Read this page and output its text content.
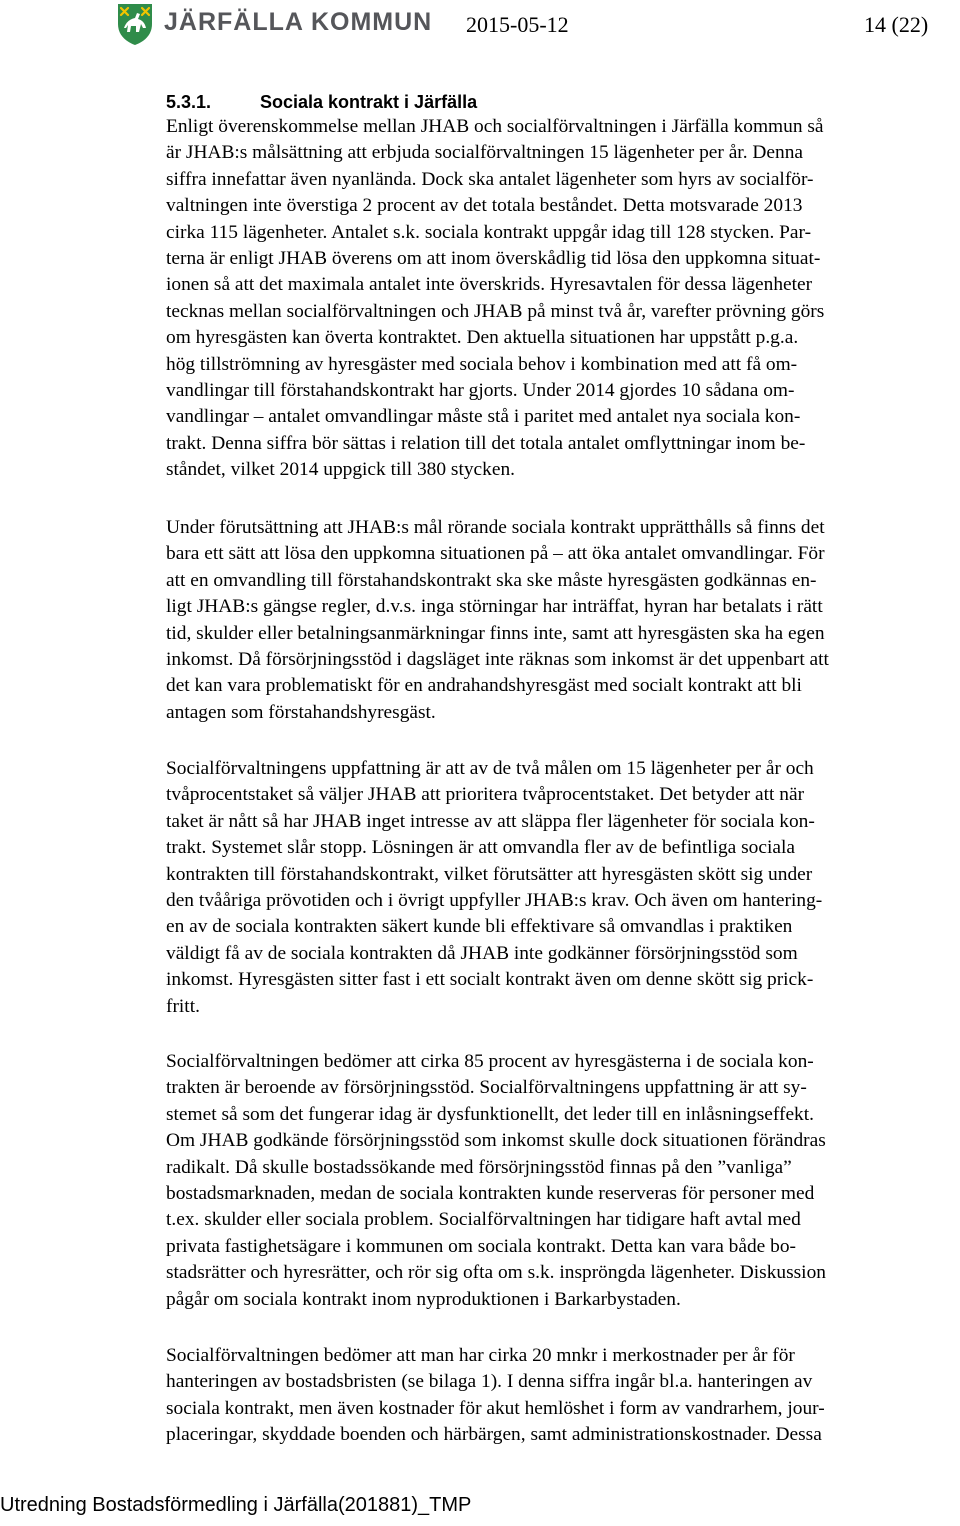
JÄRFÄLLA KOMMUN 2015-05-12	14 (22)
5.3.1.	Sociala kontrakt i Järfälla
Enligt överenskommelse mellan JHAB och socialförvaltningen i Järfälla kommun så
är JHAB:s målsättning att erbjuda socialförvaltningen 15 lägenheter per år. Denna
siffra innefattar även nyanlända. Dock ska antalet lägenheter som hyrs av socialför-
valtningen inte överstiga 2 procent av det totala beståndet. Detta motsvarade 2013
cirka 115 lägenheter. Antalet s.k. sociala kontrakt uppgår idag till 128 stycken. Par-
terna är enligt JHAB överens om att inom överskådlig tid lösa den uppkomna situat-
ionen så att det maximala antalet inte överskrids. Hyresavtalen för dessa lägenheter
tecknas mellan socialförvaltningen och JHAB på minst två år, varefter prövning görs
om hyresgästen kan överta kontraktet. Den aktuella situationen har uppstått p.g.a.
hög tillströmning av hyresgäster med sociala behov i kombination med att få om-
vandlingar till förstahandskontrakt har gjorts. Under 2014 gjordes 10 sådana om-
vandlingar – antalet omvandlingar måste stå i paritet med antalet nya sociala kon-
trakt. Denna siffra bör sättas i relation till det totala antalet omflyttningar inom be-
ståndet, vilket 2014 uppgick till 380 stycken.
Under förutsättning att JHAB:s mål rörande sociala kontrakt upprätthålls så finns det
bara ett sätt att lösa den uppkomna situationen på – att öka antalet omvandlingar. För
att en omvandling till förstahandskontrakt ska ske måste hyresgästen godkännas en-
ligt JHAB:s gängse regler, d.v.s. inga störningar har inträffat, hyran har betalats i rätt
tid, skulder eller betalningsanmärkningar finns inte, samt att hyresgästen ska ha egen
inkomst. Då försörjningsstöd i dagsläget inte räknas som inkomst är det uppenbart att
det kan vara problematiskt för en andrahandshyresgäst med socialt kontrakt att bli
antagen som förstahandshyresgäst.
Socialförvaltningens uppfattning är att av de två målen om 15 lägenheter per år och
tvåprocentstaket så väljer JHAB att prioritera tvåprocentstaket. Det betyder att när
taket är nått så har JHAB inget intresse av att släppa fler lägenheter för sociala kon-
trakt. Systemet slår stopp. Lösningen är att omvandla fler av de befintliga sociala
kontrakten till förstahandskontrakt, vilket förutsätter att hyresgästen skött sig under
den tvååriga prövotiden och i övrigt uppfyller JHAB:s krav. Och även om hantering-
en av de sociala kontrakten säkert kunde bli effektivare så omvandlas i praktiken
väldigt få av de sociala kontrakten då JHAB inte godkänner försörjningsstöd som
inkomst. Hyresgästen sitter fast i ett socialt kontrakt även om denne skött sig prick-
fritt.
Socialförvaltningen bedömer att cirka 85 procent av hyresgästerna i de sociala kon-
trakten är beroende av försörjningsstöd. Socialförvaltningens uppfattning är att sy-
stemet så som det fungerar idag är dysfunktionellt, det leder till en inlåsningseffekt.
Om JHAB godkände försörjningsstöd som inkomst skulle dock situationen förändras
radikalt. Då skulle bostadssökande med försörjningsstöd finnas på den ”vanliga”
bostadsmarknaden, medan de sociala kontrakten kunde reserveras för personer med
t.ex. skulder eller sociala problem. Socialförvaltningen har tidigare haft avtal med
privata fastighetsägare i kommunen om sociala kontrakt. Detta kan vara både bo-
stadsrätter och hyresrätter, och rör sig ofta om s.k. inspröngda lägenheter. Diskussion
pågår om sociala kontrakt inom nyproduktionen i Barkarbystaden.
Socialförvaltningen bedömer att man har cirka 20 mnkr i merkostnader per år för
hanteringen av bostadsbristen (se bilaga 1). I denna siffra ingår bl.a. hanteringen av
sociala kontrakt, men även kostnader för akut hemlöshet i form av vandrarhem, jour-
placeringar, skyddade boenden och härbärgen, samt administrationskostnader. Dessa
Utredning Bostadsförmedling i Järfälla(201881)_TMP
